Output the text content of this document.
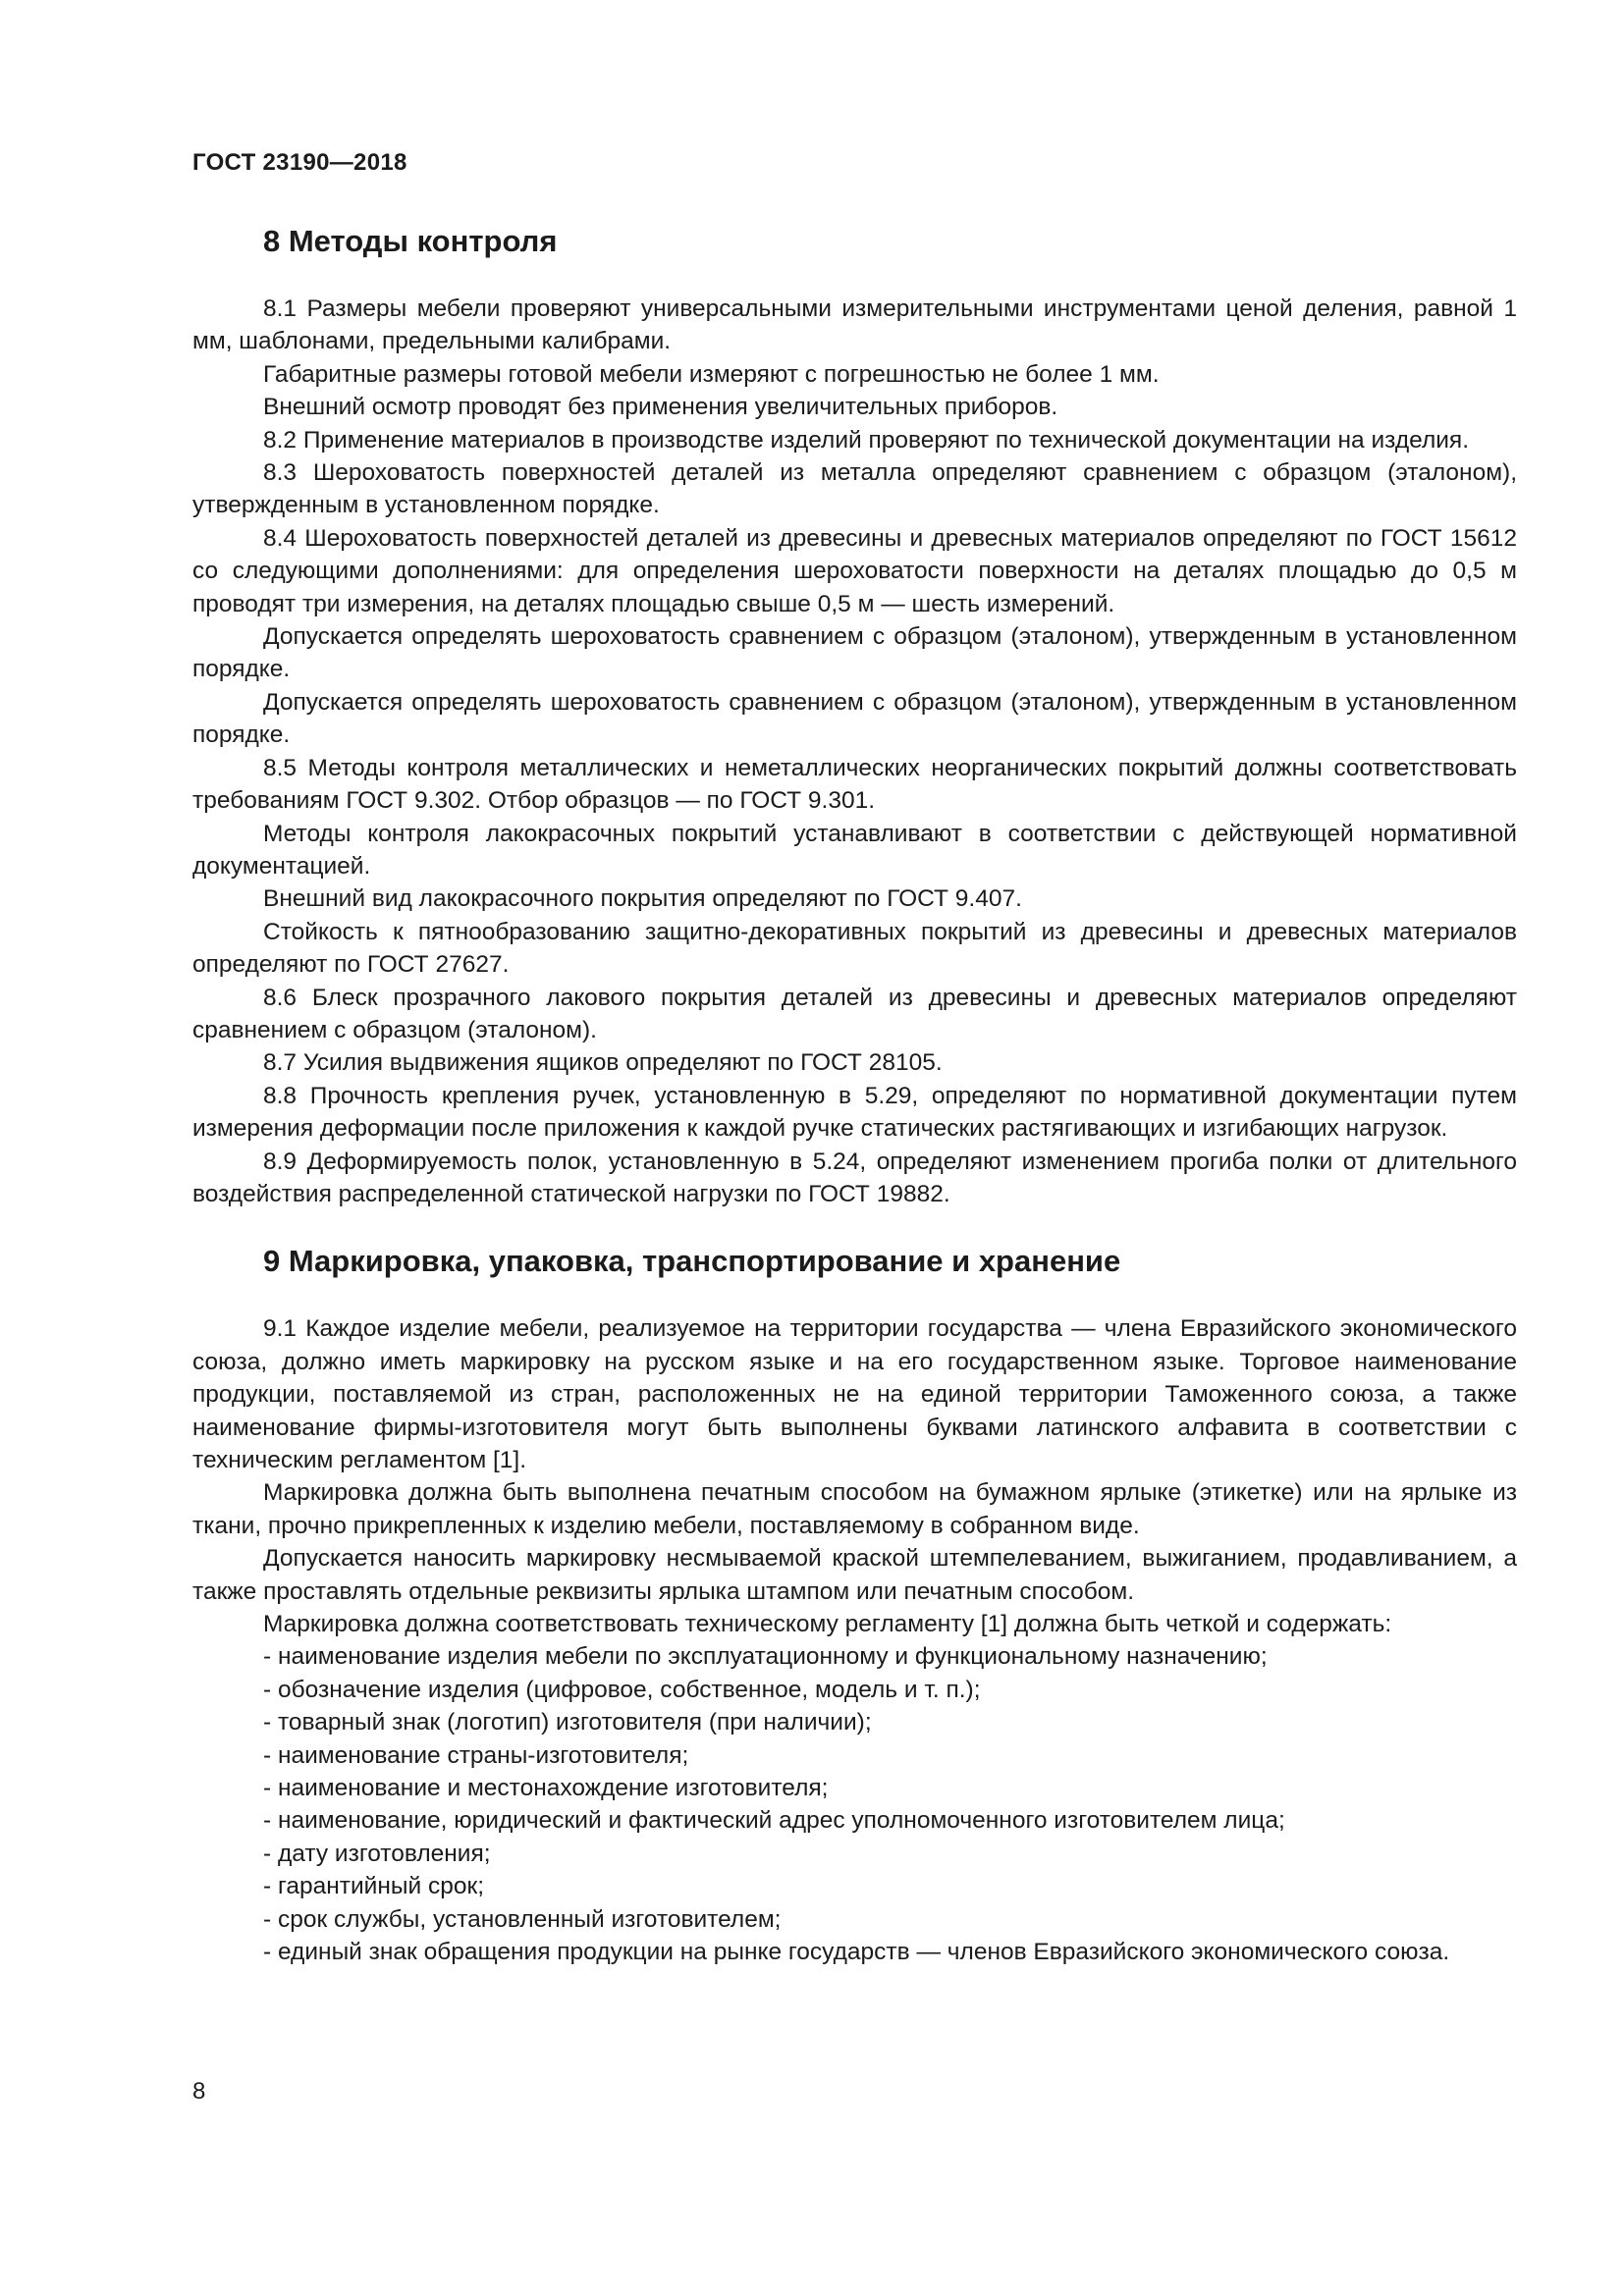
ГОСТ 23190—2018
8 Методы контроля

8.1 Размеры мебели проверяют универсальными измерительными инструментами ценой деления, равной 1 мм, шаблонами, предельными калибрами.

Габаритные размеры готовой мебели измеряют с погрешностью не более 1 мм.

Внешний осмотр проводят без применения увеличительных приборов.

8.2 Применение материалов в производстве изделий проверяют по технической документации на изделия.

8.3 Шероховатость поверхностей деталей из металла определяют сравнением с образцом (эталоном), утвержденным в установленном порядке.

8.4 Шероховатость поверхностей деталей из древесины и древесных материалов определяют по ГОСТ 15612 со следующими дополнениями: для определения шероховатости поверхности на деталях площадью до 0,5 м проводят три измерения, на деталях площадью свыше 0,5 м — шесть измерений.

Допускается определять шероховатость сравнением с образцом (эталоном), утвержденным в установленном порядке.

Допускается определять шероховатость сравнением с образцом (эталоном), утвержденным в установленном порядке.

8.5 Методы контроля металлических и неметаллических неорганических покрытий должны соответствовать требованиям ГОСТ 9.302. Отбор образцов — по ГОСТ 9.301.

Методы контроля лакокрасочных покрытий устанавливают в соответствии с действующей нормативной документацией.

Внешний вид лакокрасочного покрытия определяют по ГОСТ 9.407.

Стойкость к пятнообразованию защитно-декоративных покрытий из древесины и древесных материалов определяют по ГОСТ 27627.

8.6 Блеск прозрачного лакового покрытия деталей из древесины и древесных материалов определяют сравнением с образцом (эталоном).

8.7 Усилия выдвижения ящиков определяют по ГОСТ 28105.

8.8 Прочность крепления ручек, установленную в 5.29, определяют по нормативной документации путем измерения деформации после приложения к каждой ручке статических растягивающих и изгибающих нагрузок.

8.9 Деформируемость полок, установленную в 5.24, определяют изменением прогиба полки от длительного воздействия распределенной статической нагрузки по ГОСТ 19882.

9 Маркировка, упаковка, транспортирование и хранение

9.1 Каждое изделие мебели, реализуемое на территории государства — члена Евразийского экономического союза, должно иметь маркировку на русском языке и на его государственном языке. Торговое наименование продукции, поставляемой из стран, расположенных не на единой территории Таможенного союза, а также наименование фирмы-изготовителя могут быть выполнены буквами латинского алфавита в соответствии с техническим регламентом [1].

Маркировка должна быть выполнена печатным способом на бумажном ярлыке (этикетке) или на ярлыке из ткани, прочно прикрепленных к изделию мебели, поставляемому в собранном виде.

Допускается наносить маркировку несмываемой краской штемпелеванием, выжиганием, продавливанием, а также проставлять отдельные реквизиты ярлыка штампом или печатным способом.

Маркировка должна соответствовать техническому регламенту [1] должна быть четкой и содержать:

- наименование изделия мебели по эксплуатационному и функциональному назначению;
- обозначение изделия (цифровое, собственное, модель и т. п.);
- товарный знак (логотип) изготовителя (при наличии);
- наименование страны-изготовителя;
- наименование и местонахождение изготовителя;
- наименование, юридический и фактический адрес уполномоченного изготовителем лица;
- дату изготовления;
- гарантийный срок;
- срок службы, установленный изготовителем;
- единый знак обращения продукции на рынке государств — членов Евразийского экономического союза.
8
